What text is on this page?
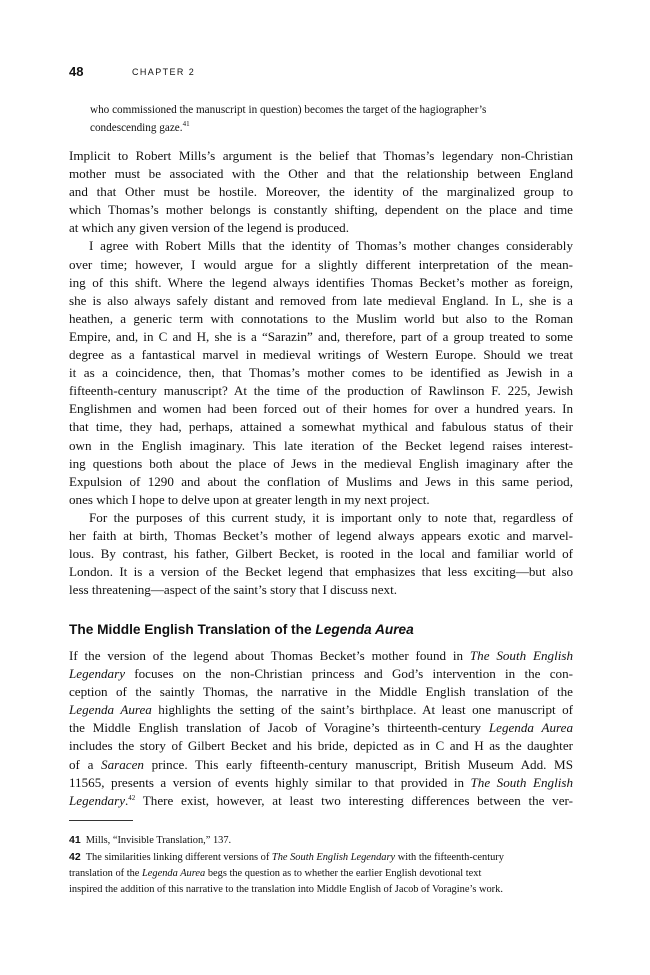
48	CHAPTER 2
who commissioned the manuscript in question) becomes the target of the hagiographer’s
condescending gaze.$^{41}$
Implicit to Robert Mills’s argument is the belief that Thomas’s legendary non-Christian
mother must be associated with the Other and that the relationship between England
and that Other must be hostile. Moreover, the identity of the marginalized group to
which Thomas’s mother belongs is constantly shifting, dependent on the place and time
at which any given version of the legend is produced.
I agree with Robert Mills that the identity of Thomas’s mother changes considerably
over time; however, I would argue for a slightly different interpretation of the mean-
ing of this shift. Where the legend always identifies Thomas Becket’s mother as foreign,
she is also always safely distant and removed from late medieval England. In L, she is a
heathen, a generic term with connotations to the Muslim world but also to the Roman
Empire, and, in C and H, she is a “Sarazin” and, therefore, part of a group treated to some
degree as a fantastical marvel in medieval writings of Western Europe. Should we treat
it as a coincidence, then, that Thomas’s mother comes to be identified as Jewish in a
fifteenth-century manuscript? At the time of the production of Rawlinson F. 225, Jewish
Englishmen and women had been forced out of their homes for over a hundred years. In
that time, they had, perhaps, attained a somewhat mythical and fabulous status of their
own in the English imaginary. This late iteration of the Becket legend raises interest-
ing questions both about the place of Jews in the medieval English imaginary after the
Expulsion of 1290 and about the conflation of Muslims and Jews in this same period,
ones which I hope to delve upon at greater length in my next project.
For the purposes of this current study, it is important only to note that, regardless of
her faith at birth, Thomas Becket’s mother of legend always appears exotic and marvel-
lous. By contrast, his father, Gilbert Becket, is rooted in the local and familiar world of
London. It is a version of the Becket legend that emphasizes that less exciting—but also
less threatening—aspect of the saint’s story that I discuss next.
The Middle English Translation of the Legenda Aurea
If the version of the legend about Thomas Becket’s mother found in The South English
Legendary focuses on the non-Christian princess and God’s intervention in the con-
ception of the saintly Thomas, the narrative in the Middle English translation of the
Legenda Aurea highlights the setting of the saint’s birthplace. At least one manuscript of
the Middle English translation of Jacob of Voragine’s thirteenth-century Legenda Aurea
includes the story of Gilbert Becket and his bride, depicted as in C and H as the daughter
of a Saracen prince. This early fifteenth-century manuscript, British Museum Add. MS
11565, presents a version of events highly similar to that provided in The South English
Legendary.$^{42}$ There exist, however, at least two interesting differences between the ver-
41 Mills, “Invisible Translation,” 137.
42 The similarities linking different versions of The South English Legendary with the fifteenth-century
translation of the Legenda Aurea begs the question as to whether the earlier English devotional text
inspired the addition of this narrative to the translation into Middle English of Jacob of Voragine’s work.
